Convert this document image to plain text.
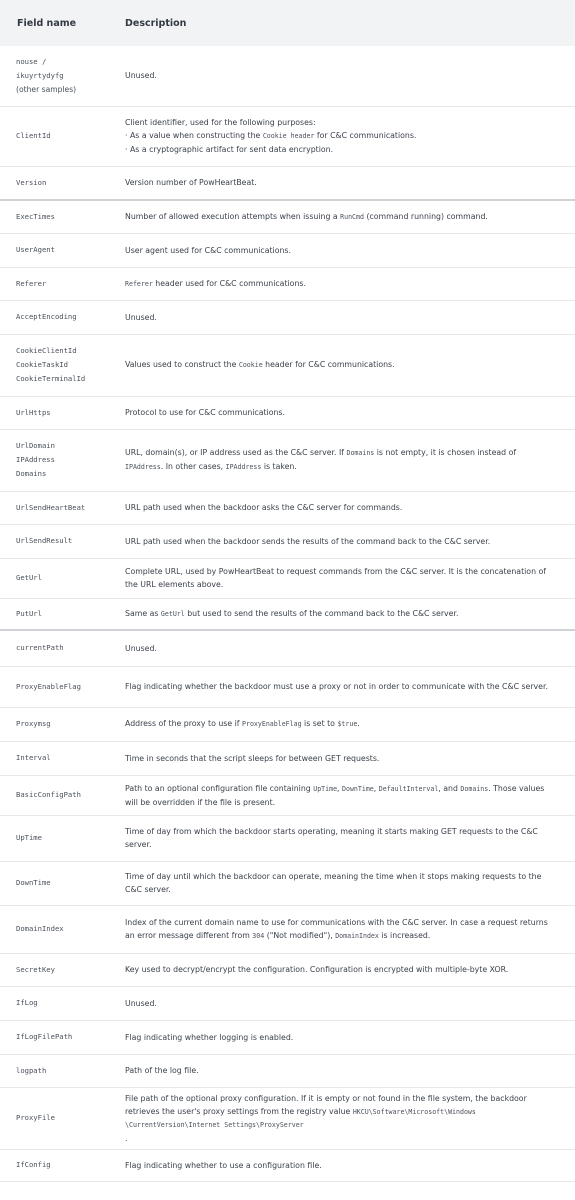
Field name	Description

nouse /
ikuyrtydyfg
(other samples)	Unused.
ClientId	Client identifier, used for the following purposes:
· As a value when constructing the Cookie header for C&C communications.
· As a cryptographic artifact for sent data encryption.

Version	Version number of PowHeartBeat.
ExecTimes	Number of allowed execution attempts when issuing a RunCmd (command running) command.
UserAgent	User agent used for C&C communications.
Referer	Referer header used for C&C communications.
AcceptEncoding	Unused.

CookieClientId
CookieTaskId
CookieTerminalId	Values used to construct the Cookie header for C&C communications.
UrlHttps	Protocol to use for C&C communications.

UrlDomain
IPAddress
Domains	URL, domain(s), or IP address used as the C&C server. If Domains is not empty, it is chosen instead of IPAddress. In other cases, IPAddress is taken.
UrlSendHeartBeat	URL path used when the backdoor asks the C&C server for commands.
UrlSendResult	URL path used when the backdoor sends the results of the command back to the C&C server.
GetUrl	Complete URL, used by PowHeartBeat to request commands from the C&C server. It is the concatenation of the URL elements above.
PutUrl	Same as GetUrl but used to send the results of the command back to the C&C server.
currentPath	Unused.
ProxyEnableFlag	Flag indicating whether the backdoor must use a proxy or not in order to communicate with the C&C server.
Proxymsg	Address of the proxy to use if ProxyEnableFlag is set to $true.
Interval	Time in seconds that the script sleeps for between GET requests.
BasicConfigPath	Path to an optional configuration file containing UpTime, DownTime, DefaultInterval, and Domains. Those values will be overridden if the file is present.
UpTime	Time of day from which the backdoor starts operating, meaning it starts making GET requests to the C&C server.
DownTime	Time of day until which the backdoor can operate, meaning the time when it stops making requests to the C&C server.
DomainIndex	Index of the current domain name to use for communications with the C&C server. In case a request returns an error message different from 304 ("Not modified"), DomainIndex is increased.
SecretKey	Key used to decrypt/encrypt the configuration. Configuration is encrypted with multiple-byte XOR.
IfLog	Unused.
IfLogFilePath	Flag indicating whether logging is enabled.
logpath	Path of the log file.
ProxyFile	File path of the optional proxy configuration. If it is empty or not found in the file system, the backdoor retrieves the user's proxy settings from the registry value HKCU\Software\Microsoft\Windows
\CurrentVersion\Internet Settings\ProxyServer
.
IfConfig	Flag indicating whether to use a configuration file.
